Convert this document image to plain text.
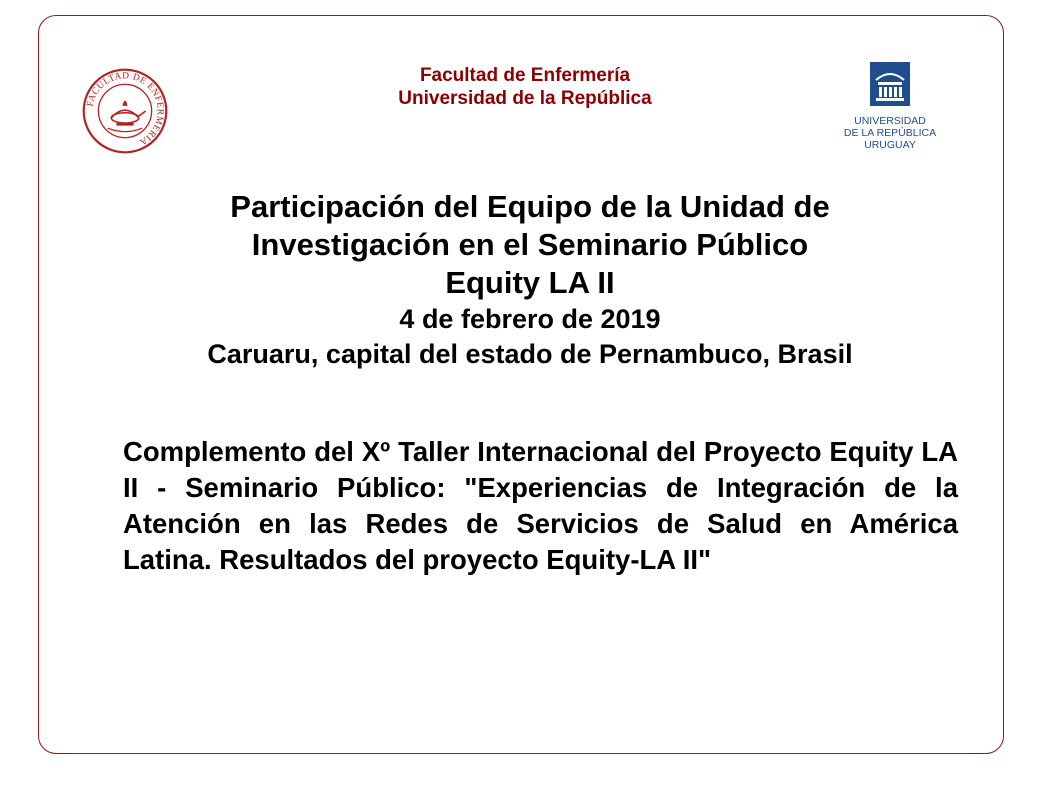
FACULTAD DE ENFERMERIA
Facultad de Enfermería
Universidad de la República
UNIVERSIDAD
DE LA REPÚBLICA
URUGUAY
Participación del Equipo de la Unidad de
Investigación en el Seminario Público
Equity LA II
4 de febrero de 2019
Caruaru, capital del estado de Pernambuco, Brasil
Complemento del Xº Taller Internacional del Proyecto Equity LA II - Seminario Público: "Experiencias de Integración de la Atención en las Redes de Servicios de Salud en América Latina. Resultados del proyecto Equity-LA II"
